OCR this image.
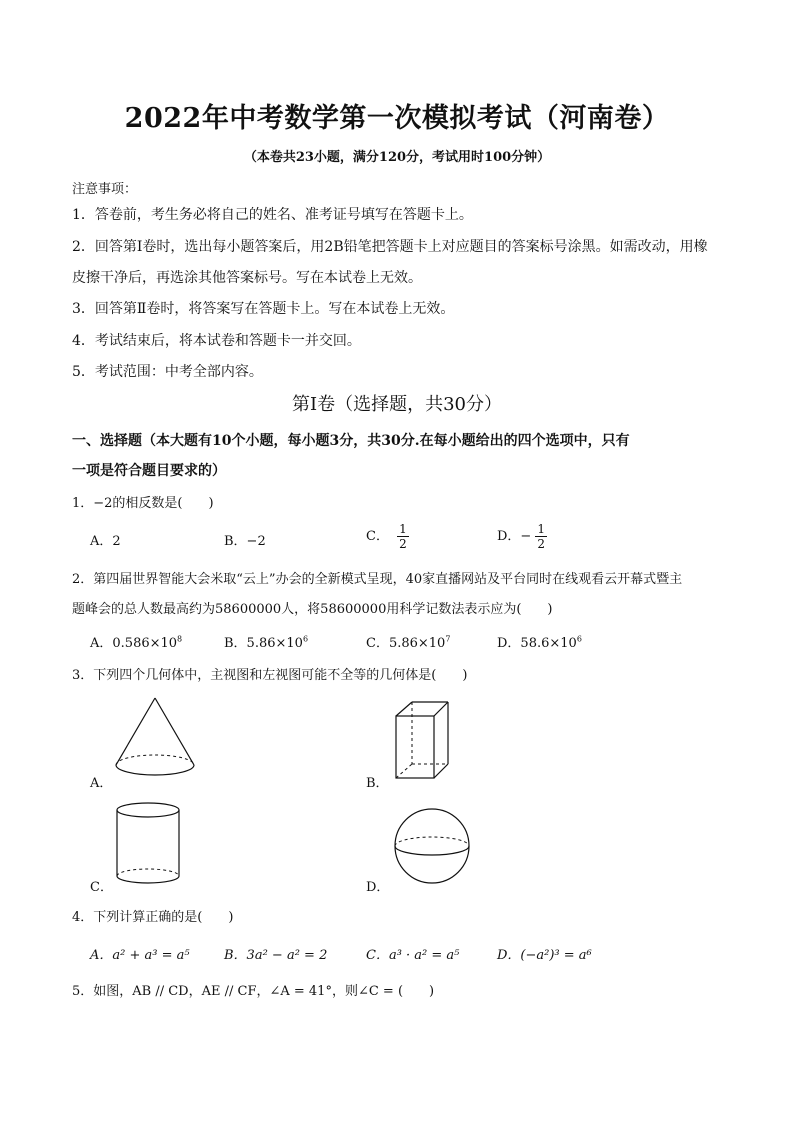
2022年中考数学第一次模拟考试（河南卷）
（本卷共23小题，满分120分，考试用时100分钟）
注意事项：
1．答卷前，考生务必将自己的姓名、准考证号填写在答题卡上。
2．回答第Ⅰ卷时，选出每小题答案后，用2B铅笔把答题卡上对应题目的答案标号涂黑。如需改动，用橡
皮擦干净后，再选涂其他答案标号。写在本试卷上无效。
3．回答第Ⅱ卷时，将答案写在答题卡上。写在本试卷上无效。
4．考试结束后，将本试卷和答题卡一并交回。
5．考试范围：中考全部内容。
第Ⅰ卷（选择题，共30分）
一、选择题（本大题有10个小题，每小题3分，共30分.在每小题给出的四个选项中，只有
一项是符合题目要求的）
1．−2的相反数是(　　)
A．2	B．−2	C． $\frac{1}{2}$	D．− $\frac{1}{2}$
2．第四届世界智能大会米取“云上”办会的全新模式呈现，40家直播网站及平台同时在线观看云开幕式暨主
题峰会的总人数最高约为58600000人，将58600000用科学记数法表示应为(　　)
A．$0.586\times 10^8$	B．$5.86\times 10^6$	C．$5.86\times 10^7$	D．$58.6\times 10^6$
3．下列四个几何体中，主视图和左视图可能不全等的几何体是(　　)
A．	B．
C．	D．
4．下列计算正确的是(　　)
A．a² + a³ = a⁵	B．3a² − a² = 2	C．a³ · a² = a⁵	D．(−a²)³ = a⁶
5．如图，AB // CD，AE // CF，∠A = 41°，则∠C = (　　)
